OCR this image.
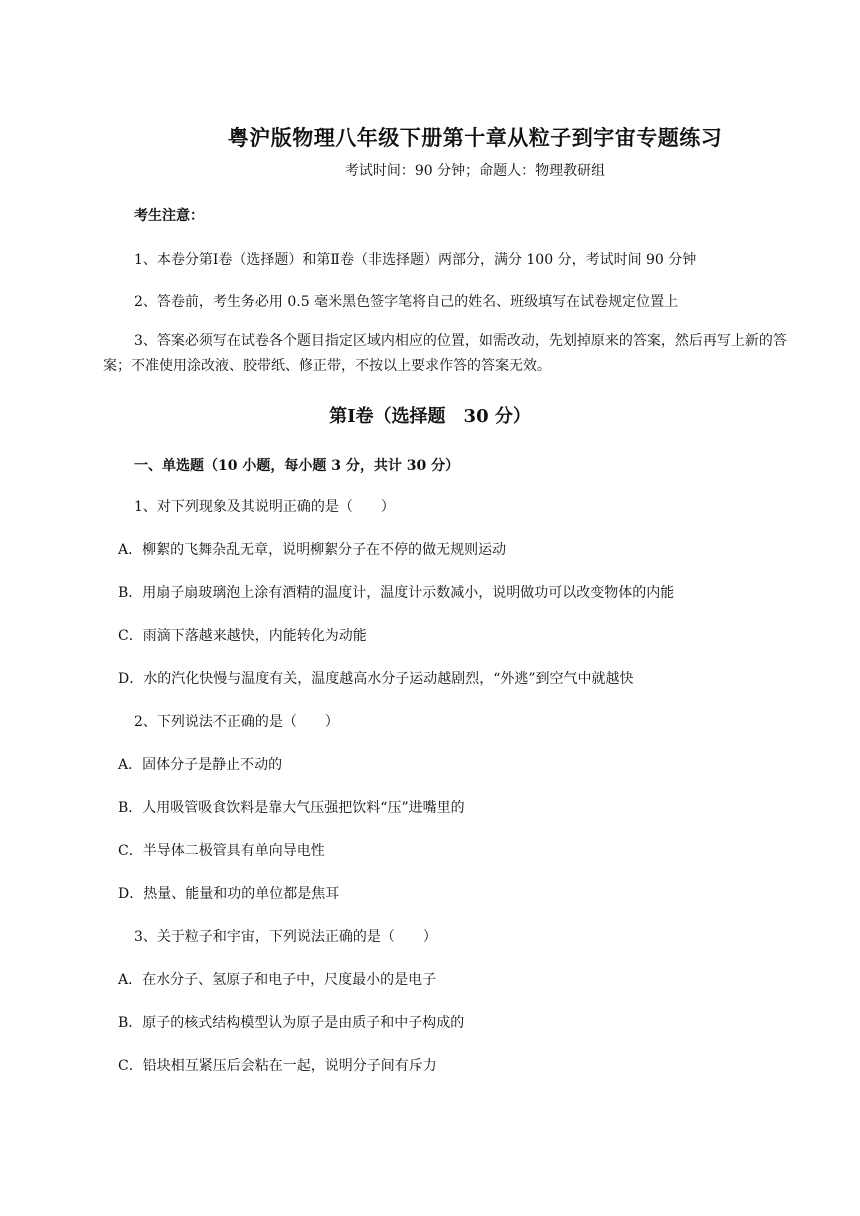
粤沪版物理八年级下册第十章从粒子到宇宙专题练习
考试时间：90 分钟；命题人：物理教研组
考生注意：
1、本卷分第Ⅰ卷（选择题）和第Ⅱ卷（非选择题）两部分，满分 100 分，考试时间 90 分钟
2、答卷前，考生务必用 0.5 毫米黑色签字笔将自己的姓名、班级填写在试卷规定位置上
3、答案必须写在试卷各个题目指定区域内相应的位置，如需改动，先划掉原来的答案，然后再写上新的答案；不准使用涂改液、胶带纸、修正带，不按以上要求作答的答案无效。
第Ⅰ卷（选择题　30 分）
一、单选题（10 小题，每小题 3 分，共计 30 分）
1、对下列现象及其说明正确的是（　　）
A．柳絮的飞舞杂乱无章，说明柳絮分子在不停的做无规则运动
B．用扇子扇玻璃泡上涂有酒精的温度计，温度计示数减小，说明做功可以改变物体的内能
C．雨滴下落越来越快，内能转化为动能
D．水的汽化快慢与温度有关，温度越高水分子运动越剧烈，“外逃”到空气中就越快
2、下列说法不正确的是（　　）
A．固体分子是静止不动的
B．人用吸管吸食饮料是靠大气压强把饮料“压”进嘴里的
C．半导体二极管具有单向导电性
D．热量、能量和功的单位都是焦耳
3、关于粒子和宇宙，下列说法正确的是（　　）
A．在水分子、氢原子和电子中，尺度最小的是电子
B．原子的核式结构模型认为原子是由质子和中子构成的
C．铅块相互紧压后会粘在一起，说明分子间有斥力
